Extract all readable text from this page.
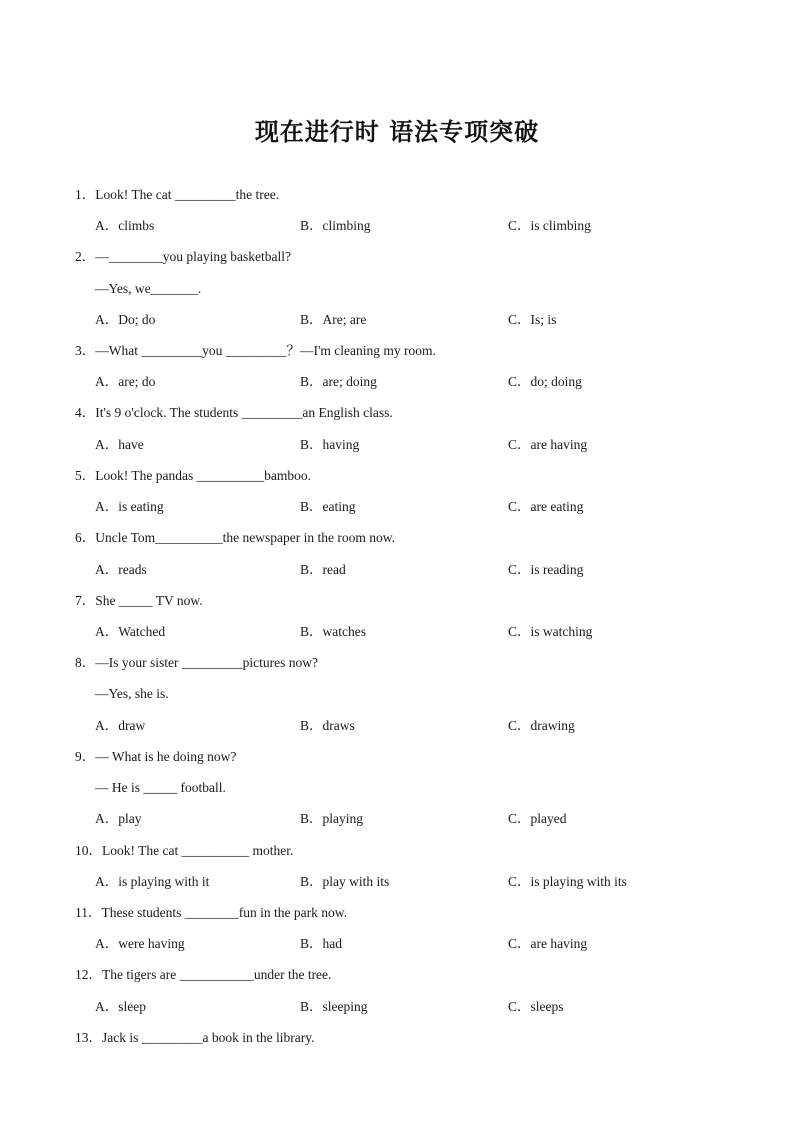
现在进行时 语法专项突破
1．Look! The cat _________the tree.
A．climbs	B．climbing	C．is climbing
2．—________you playing basketball?
—Yes, we_______.
A．Do; do	B．Are; are	C．Is; is
3．—What _________you _________？—I'm cleaning my room.
A．are; do	B．are; doing	C．do; doing
4．It's 9 o'clock. The students _________an English class.
A．have	B．having	C．are having
5．Look! The pandas __________bamboo.
A．is eating	B．eating	C．are eating
6．Uncle Tom__________the newspaper in the room now.
A．reads	B．read	C．is reading
7．She _____ TV now.
A．Watched	B．watches	C．is watching
8．—Is your sister _________pictures now?
—Yes, she is.
A．draw	B．draws	C．drawing
9．— What is he doing now?
— He is _____ football.
A．play	B．playing	C．played
10．Look! The cat __________ mother.
A．is playing with it	B．play with its	C．is playing with its
11．These students ________fun in the park now.
A．were having	B．had	C．are having
12．The tigers are ___________under the tree.
A．sleep	B．sleeping	C．sleeps
13．Jack is _________a book in the library.
